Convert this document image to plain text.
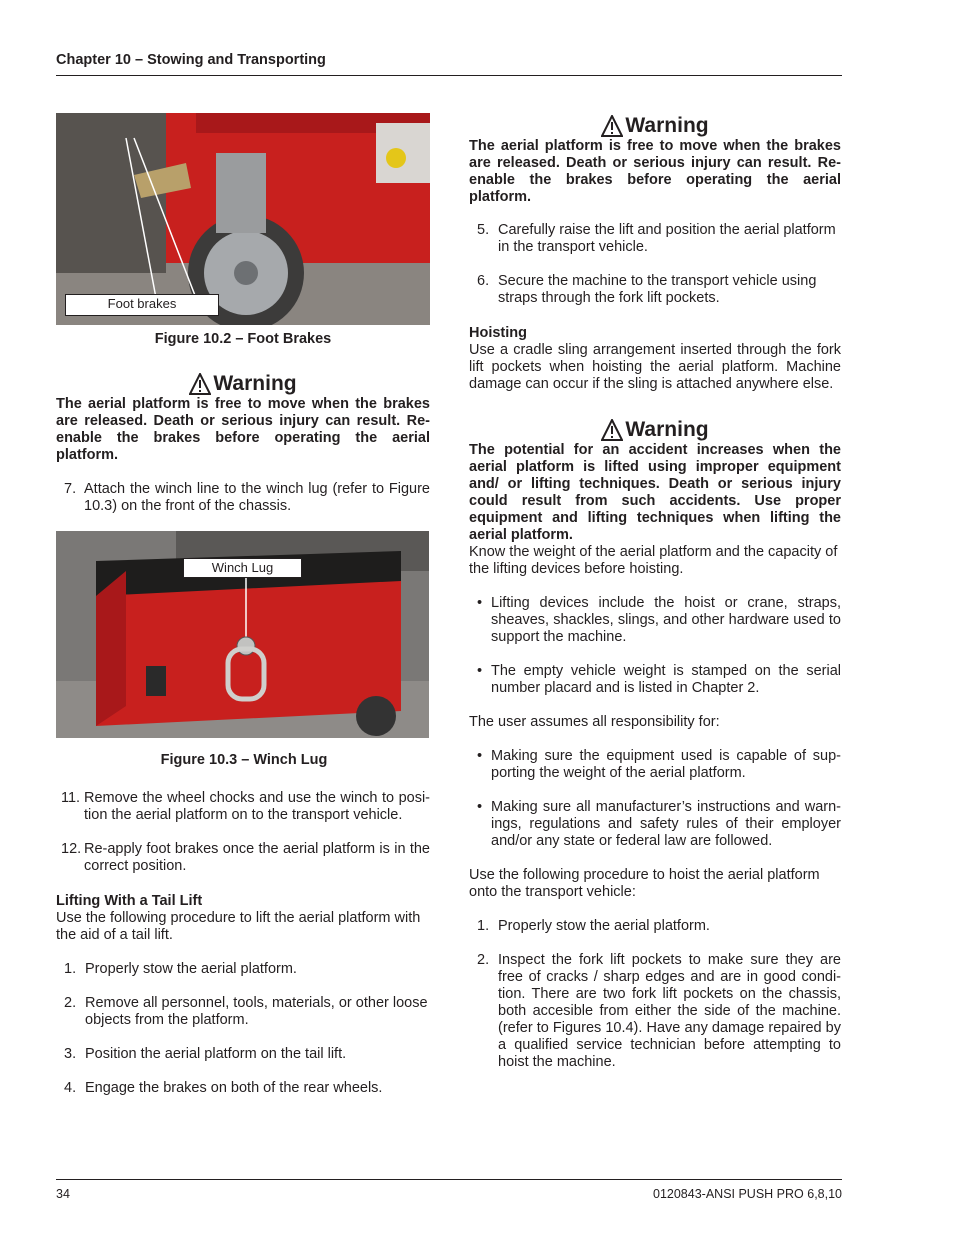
Chapter 10 – Stowing and Transporting
Foot brakes
Figure 10.2 – Foot Brakes
Warning
The aerial platform is free to move when the brakes are released. Death or serious injury can result. Re-enable the brakes before operating the aerial platform.
7. Attach the winch line to the winch lug (refer to Figure 10.3) on the front of the chassis.
Winch Lug
Figure 10.3 – Winch Lug
11. Remove the wheel chocks and use the winch to posi-tion the aerial platform on to the transport vehicle.
12. Re-apply foot brakes once the aerial platform is in the correct position.
Lifting With a Tail Lift
Use the following procedure to lift the aerial platform with the aid of a tail lift.
1. Properly stow the aerial platform.
2. Remove all personnel, tools, materials, or other loose objects from the platform.
3. Position the aerial platform on the tail lift.
4. Engage the brakes on both of the rear wheels.
Warning
The aerial platform is free to move when the brakes are released. Death or serious injury can result. Re-enable the brakes before operating the aerial platform.
5. Carefully raise the lift and position the aerial platform in the transport vehicle.
6. Secure the machine to the transport vehicle using straps through the fork lift pockets.
Hoisting
Use a cradle sling arrangement inserted through the fork lift pockets when hoisting the aerial platform. Machine damage can occur if the sling is attached anywhere else.
Warning
The potential for an accident increases when the aerial platform is lifted using improper equipment and/ or lifting techniques. Death or serious injury could result from such accidents. Use proper equipment and lifting techniques when lifting the aerial platform.
Know the weight of the aerial platform and the capacity of the lifting devices before hoisting.
• Lifting devices include the hoist or crane, straps, sheaves, shackles, slings, and other hardware used to support the machine.
• The empty vehicle weight is stamped on the serial number placard and is listed in Chapter 2.
The user assumes all responsibility for:
• Making sure the equipment used is capable of sup-porting the weight of the aerial platform.
• Making sure all manufacturer’s instructions and warn-ings, regulations and safety rules of their employer and/or any state or federal law are followed.
Use the following procedure to hoist the aerial platform onto the transport vehicle:
1. Properly stow the aerial platform.
2. Inspect the fork lift pockets to make sure they are free of cracks / sharp edges and are in good condi-tion. There are two fork lift pockets on the chassis, both accesible from either the side of the machine. (refer to Figures 10.4). Have any damage repaired by a qualified service technician before attempting to hoist the machine.
34	0120843-ANSI PUSH PRO 6,8,10
